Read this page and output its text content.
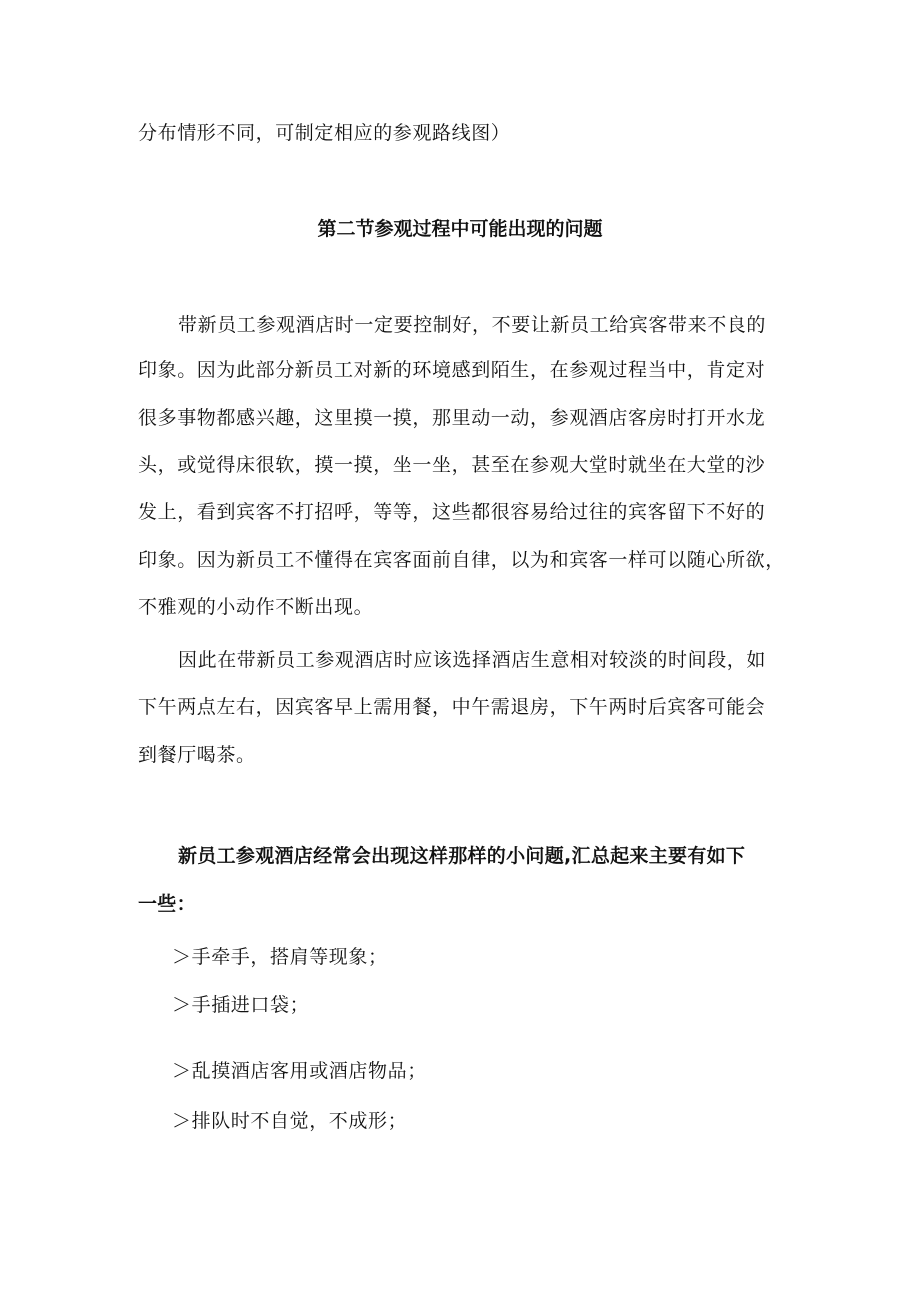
分布情形不同，可制定相应的参观路线图）
第二节参观过程中可能出现的问题
带新员工参观酒店时一定要控制好，不要让新员工给宾客带来不良的
印象。因为此部分新员工对新的环境感到陌生，在参观过程当中，肯定对
很多事物都感兴趣，这里摸一摸，那里动一动，参观酒店客房时打开水龙
头，或觉得床很软，摸一摸，坐一坐，甚至在参观大堂时就坐在大堂的沙
发上，看到宾客不打招呼，等等，这些都很容易给过往的宾客留下不好的
印象。因为新员工不懂得在宾客面前自律，以为和宾客一样可以随心所欲，
不雅观的小动作不断出现。
因此在带新员工参观酒店时应该选择酒店生意相对较淡的时间段，如
下午两点左右，因宾客早上需用餐，中午需退房，下午两时后宾客可能会
到餐厅喝茶。
新员工参观酒店经常会出现这样那样的小问题,汇总起来主要有如下
一些：
＞手牵手，搭肩等现象；
＞手插进口袋；
＞乱摸酒店客用或酒店物品；
＞排队时不自觉，不成形；
